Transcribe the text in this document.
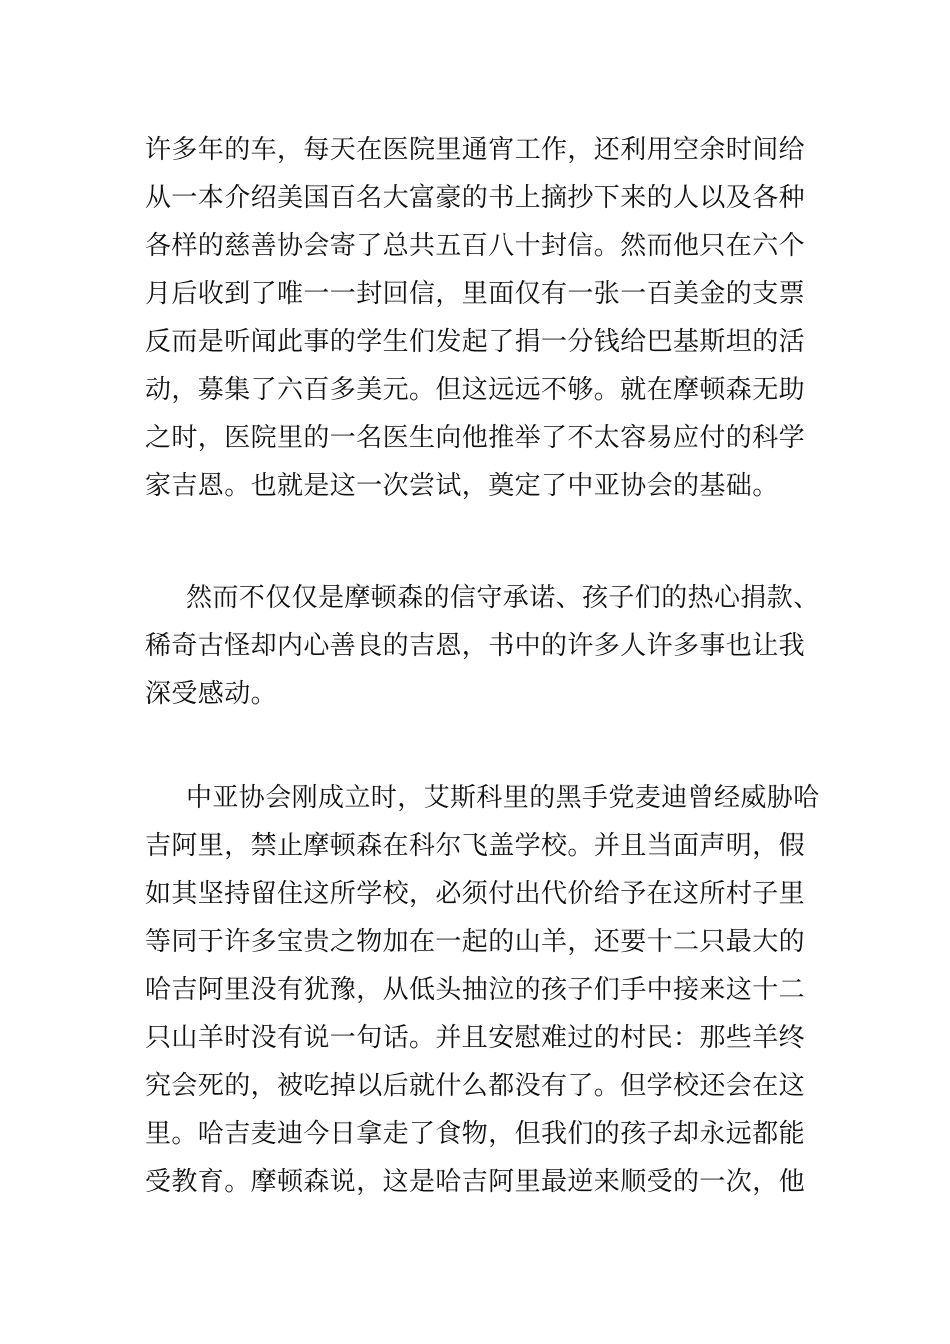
许多年的车，每天在医院里通宵工作，还利用空余时间给
从一本介绍美国百名大富豪的书上摘抄下来的人以及各种
各样的慈善协会寄了总共五百八十封信。然而他只在六个
月后收到了唯一一封回信，里面仅有一张一百美金的支票
反而是听闻此事的学生们发起了捐一分钱给巴基斯坦的活
动，募集了六百多美元。但这远远不够。就在摩顿森无助
之时，医院里的一名医生向他推举了不太容易应付的科学
家吉恩。也就是这一次尝试，奠定了中亚协会的基础。
然而不仅仅是摩顿森的信守承诺、孩子们的热心捐款、
稀奇古怪却内心善良的吉恩，书中的许多人许多事也让我
深受感动。
中亚协会刚成立时，艾斯科里的黑手党麦迪曾经威胁哈
吉阿里，禁止摩顿森在科尔飞盖学校。并且当面声明，假
如其坚持留住这所学校，必须付出代价给予在这所村子里
等同于许多宝贵之物加在一起的山羊，还要十二只最大的
哈吉阿里没有犹豫，从低头抽泣的孩子们手中接来这十二
只山羊时没有说一句话。并且安慰难过的村民：那些羊终
究会死的，被吃掉以后就什么都没有了。但学校还会在这
里。哈吉麦迪今日拿走了食物，但我们的孩子却永远都能
受教育。摩顿森说，这是哈吉阿里最逆来顺受的一次，他
